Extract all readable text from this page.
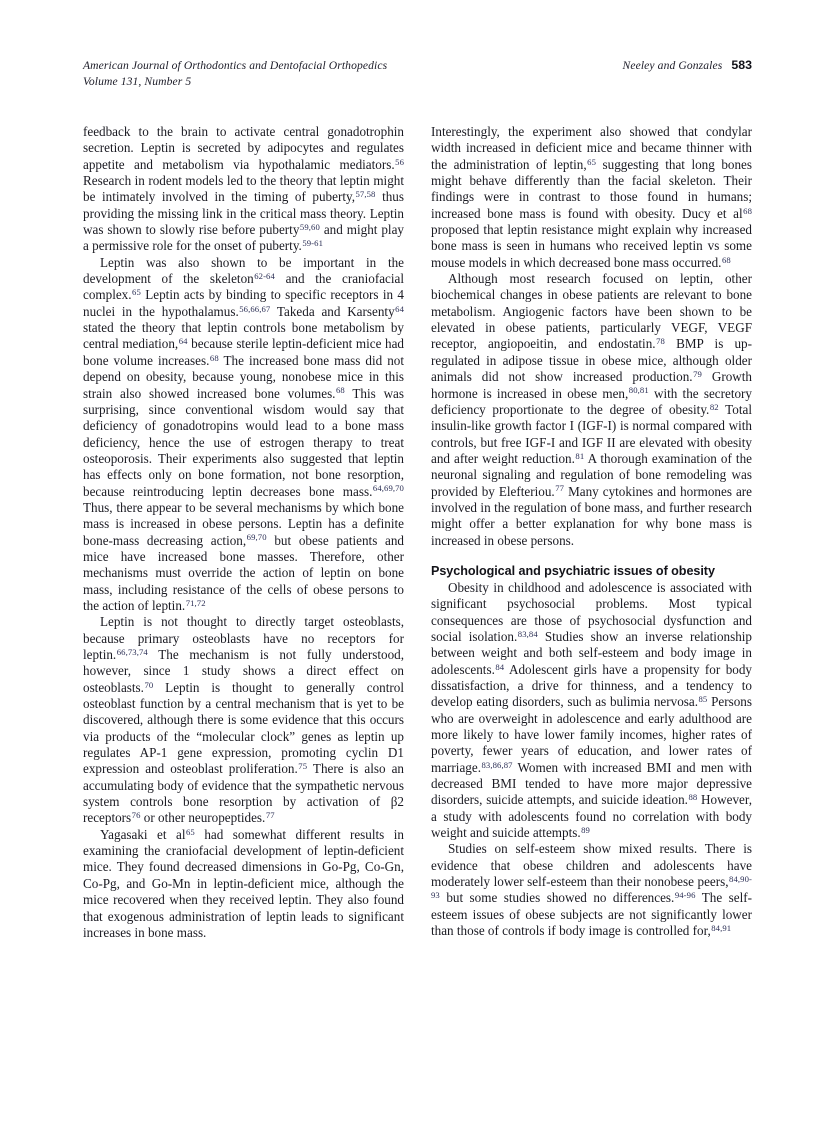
American Journal of Orthodontics and Dentofacial Orthopedics
Volume 131, Number 5
Neeley and Gonzales 583

feedback to the brain to activate central gonadotrophin secretion. Leptin is secreted by adipocytes and regulates appetite and metabolism via hypothalamic mediators.$^{56}$ Research in rodent models led to the theory that leptin might be intimately involved in the timing of puberty,$^{57,58}$ thus providing the missing link in the critical mass theory. Leptin was shown to slowly rise before puberty$^{59,60}$ and might play a permissive role for the onset of puberty.$^{59-61}$

Leptin was also shown to be important in the development of the skeleton$^{62-64}$ and the craniofacial complex.$^{65}$ Leptin acts by binding to specific receptors in 4 nuclei in the hypothalamus.$^{56,66,67}$ Takeda and Karsenty$^{64}$ stated the theory that leptin controls bone metabolism by central mediation,$^{64}$ because sterile leptin-deficient mice had bone volume increases.$^{68}$ The increased bone mass did not depend on obesity, because young, nonobese mice in this strain also showed increased bone volumes.$^{68}$ This was surprising, since conventional wisdom would say that deficiency of gonadotropins would lead to a bone mass deficiency, hence the use of estrogen therapy to treat osteoporosis. Their experiments also suggested that leptin has effects only on bone formation, not bone resorption, because reintroducing leptin decreases bone mass.$^{64,69,70}$ Thus, there appear to be several mechanisms by which bone mass is increased in obese persons. Leptin has a definite bone-mass decreasing action,$^{69,70}$ but obese patients and mice have increased bone masses. Therefore, other mechanisms must override the action of leptin on bone mass, including resistance of the cells of obese persons to the action of leptin.$^{71,72}$

Leptin is not thought to directly target osteoblasts, because primary osteoblasts have no receptors for leptin.$^{66,73,74}$ The mechanism is not fully understood, however, since 1 study shows a direct effect on osteoblasts.$^{70}$ Leptin is thought to generally control osteoblast function by a central mechanism that is yet to be discovered, although there is some evidence that this occurs via products of the “molecular clock” genes as leptin up regulates AP-1 gene expression, promoting cyclin D1 expression and osteoblast proliferation.$^{75}$ There is also an accumulating body of evidence that the sympathetic nervous system controls bone resorption by activation of β2 receptors$^{76}$ or other neuropeptides.$^{77}$

Yagasaki et al$^{65}$ had somewhat different results in examining the craniofacial development of leptin-deficient mice. They found decreased dimensions in Go-Pg, Co-Gn, Co-Pg, and Go-Mn in leptin-deficient mice, although the mice recovered when they received leptin. They also found that exogenous administration of leptin leads to significant increases in bone mass.

Interestingly, the experiment also showed that condylar width increased in deficient mice and became thinner with the administration of leptin,$^{65}$ suggesting that long bones might behave differently than the facial skeleton. Their findings were in contrast to those found in humans; increased bone mass is found with obesity. Ducy et al$^{68}$ proposed that leptin resistance might explain why increased bone mass is seen in humans who received leptin vs some mouse models in which decreased bone mass occurred.$^{68}$

Although most research focused on leptin, other biochemical changes in obese patients are relevant to bone metabolism. Angiogenic factors have been shown to be elevated in obese patients, particularly VEGF, VEGF receptor, angiopoeitin, and endostatin.$^{78}$ BMP is up-regulated in adipose tissue in obese mice, although older animals did not show increased production.$^{79}$ Growth hormone is increased in obese men,$^{80,81}$ with the secretory deficiency proportionate to the degree of obesity.$^{82}$ Total insulin-like growth factor I (IGF-I) is normal compared with controls, but free IGF-I and IGF II are elevated with obesity and after weight reduction.$^{81}$ A thorough examination of the neuronal signaling and regulation of bone remodeling was provided by Elefteriou.$^{77}$ Many cytokines and hormones are involved in the regulation of bone mass, and further research might offer a better explanation for why bone mass is increased in obese persons.

Psychological and psychiatric issues of obesity

Obesity in childhood and adolescence is associated with significant psychosocial problems. Most typical consequences are those of psychosocial dysfunction and social isolation.$^{83,84}$ Studies show an inverse relationship between weight and both self-esteem and body image in adolescents.$^{84}$ Adolescent girls have a propensity for body dissatisfaction, a drive for thinness, and a tendency to develop eating disorders, such as bulimia nervosa.$^{85}$ Persons who are overweight in adolescence and early adulthood are more likely to have lower family incomes, higher rates of poverty, fewer years of education, and lower rates of marriage.$^{83,86,87}$ Women with increased BMI and men with decreased BMI tended to have more major depressive disorders, suicide attempts, and suicide ideation.$^{88}$ However, a study with adolescents found no correlation with body weight and suicide attempts.$^{89}$

Studies on self-esteem show mixed results. There is evidence that obese children and adolescents have moderately lower self-esteem than their nonobese peers,$^{84,90-93}$ but some studies showed no differences.$^{94-96}$ The self-esteem issues of obese subjects are not significantly lower than those of controls if body image is controlled for,$^{84,91}$
